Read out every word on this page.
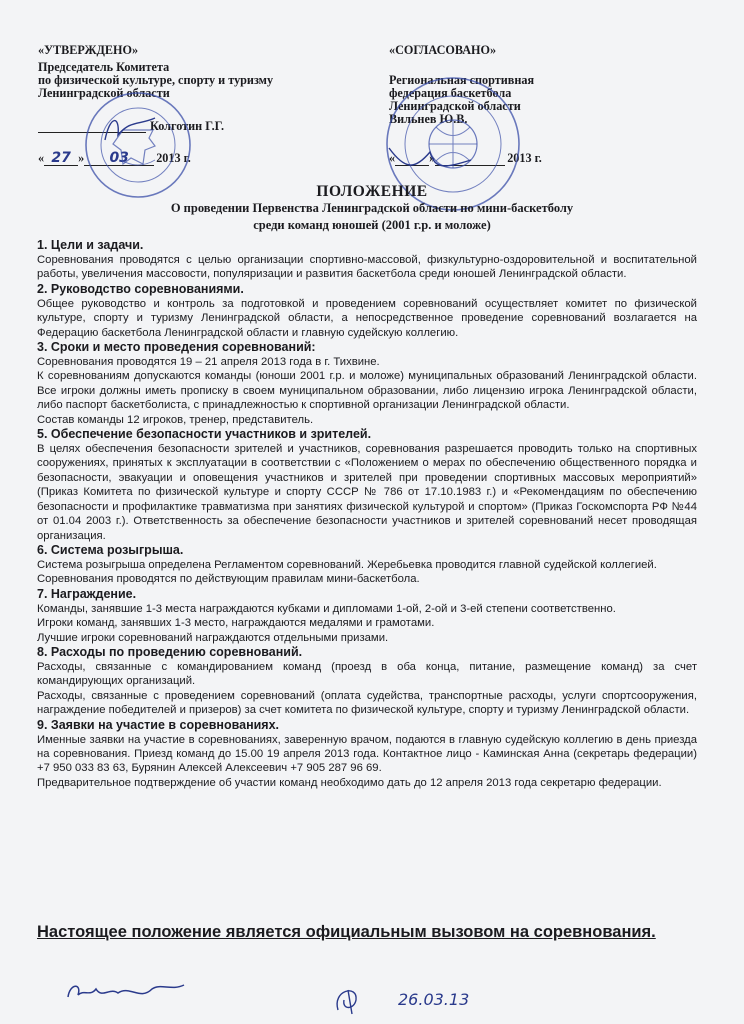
«УТВЕРЖДЕНО»
Председатель Комитета
по физической культуре, спорту и туризму
Ленинградской области
Колготин Г.Г.
« 27 » 03 2013 г.
«СОГЛАСОВАНО»
Региональная спортивная
федерация баскетбола
Ленинградской области
Вильнев Ю.В.
«	»	2013 г.
ПОЛОЖЕНИЕ
О проведении Первенства Ленинградской области по мини-баскетболу
среди команд юношей (2001 г.р. и моложе)
1. Цели и задачи.

Соревнования проводятся с целью организации спортивно-массовой, физкультурно-оздоровительной и воспитательной работы, увеличения массовости, популяризации и развития баскетбола среди юношей Ленинградской области.

2. Руководство соревнованиями.

Общее руководство и контроль за подготовкой и проведением соревнований осуществляет комитет по физической культуре, спорту и туризму Ленинградской области, а непосредственное проведение соревнований возлагается на Федерацию баскетбола Ленинградской области и главную судейскую коллегию.

3. Сроки и место проведения соревнований:

Соревнования проводятся 19 – 21 апреля 2013 года в г. Тихвине.

К соревнованиям допускаются команды (юноши 2001 г.р. и моложе) муниципальных образований Ленинградской области. Все игроки должны иметь прописку в своем муниципальном образовании, либо лицензию игрока Ленинградской области, либо паспорт баскетболиста, с принадлежностью к спортивной организации Ленинградской области.

Состав команды 12 игроков, тренер, представитель.

5. Обеспечение безопасности участников и зрителей.

В целях обеспечения безопасности зрителей и участников, соревнования разрешается проводить только на спортивных сооружениях, принятых к эксплуатации в соответствии с «Положением о мерах по обеспечению общественного порядка и безопасности, эвакуации и оповещения участников и зрителей при проведении спортивных массовых мероприятий» (Приказ Комитета по физической культуре и спорту СССР № 786 от 17.10.1983 г.) и «Рекомендациям по обеспечению безопасности и профилактике травматизма при занятиях физической культурой и спортом» (Приказ Госкомспорта РФ №44 от 01.04 2003 г.). Ответственность за обеспечение безопасности участников и зрителей соревнований несет проводящая организация.

6. Система розыгрыша.

Система розыгрыша определена Регламентом соревнований. Жеребьевка проводится главной судейской коллегией.

Соревнования проводятся по действующим правилам мини-баскетбола.

7. Награждение.

Команды, занявшие 1-3 места награждаются кубками и дипломами 1-ой, 2-ой и 3-ей степени соответственно.

Игроки команд, занявших 1-3 место, награждаются медалями и грамотами.

Лучшие игроки соревнований награждаются отдельными призами.

8. Расходы по проведению соревнований.

Расходы, связанные с командированием команд (проезд в оба конца, питание, размещение команд) за счет командирующих организаций.

Расходы, связанные с проведением соревнований (оплата судейства, транспортные расходы, услуги спортсооружения, награждение победителей и призеров) за счет комитета по физической культуре, спорту и туризму Ленинградской области.

9. Заявки на участие в соревнованиях.

Именные заявки на участие в соревнованиях, заверенную врачом, подаются в главную судейскую коллегию в день приезда на соревнования. Приезд команд до 15.00 19 апреля 2013 года. Контактное лицо - Каминская Анна (секретарь федерации) +7 950 033 83 63, Бурянин Алексей Алексеевич +7 905 287 96 69.

Предварительное подтверждение об участии команд необходимо дать до 12 апреля 2013 года секретарю федерации.

Настоящее положение является официальным вызовом на соревнования.
26.03.13
